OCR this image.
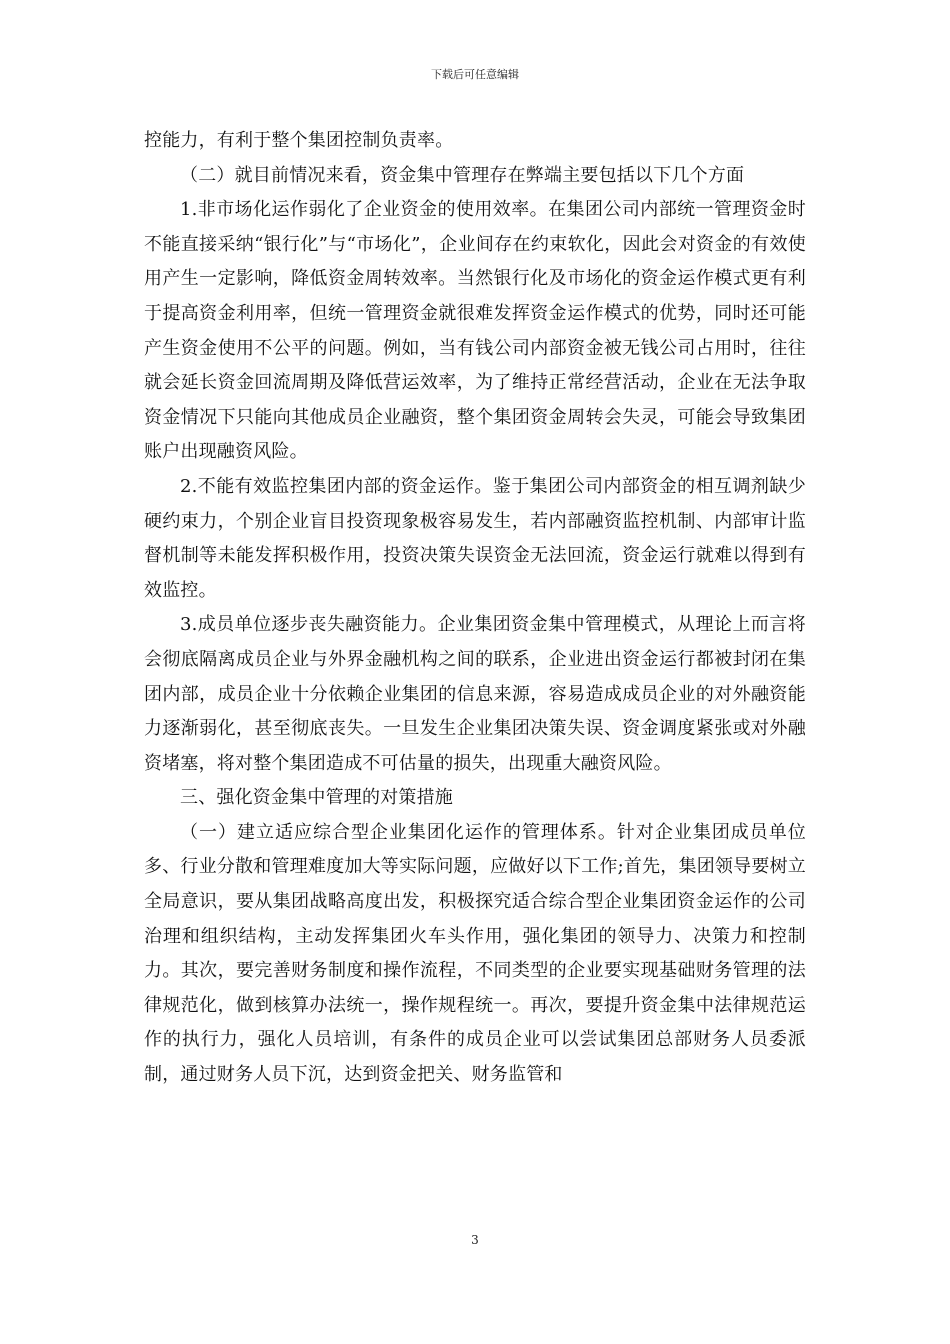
下载后可任意编辑

控能力，有利于整个集团控制负责率。

（二）就目前情况来看，资金集中管理存在弊端主要包括以下几个方面

1.非市场化运作弱化了企业资金的使用效率。在集团公司内部统一管理资金时不能直接采纳“银行化”与“市场化”，企业间存在约束软化，因此会对资金的有效使用产生一定影响，降低资金周转效率。当然银行化及市场化的资金运作模式更有利于提高资金利用率，但统一管理资金就很难发挥资金运作模式的优势，同时还可能产生资金使用不公平的问题。例如，当有钱公司内部资金被无钱公司占用时，往往就会延长资金回流周期及降低营运效率，为了维持正常经营活动，企业在无法争取资金情况下只能向其他成员企业融资，整个集团资金周转会失灵，可能会导致集团账户出现融资风险。

2.不能有效监控集团内部的资金运作。鉴于集团公司内部资金的相互调剂缺少硬约束力，个别企业盲目投资现象极容易发生，若内部融资监控机制、内部审计监督机制等未能发挥积极作用，投资决策失误资金无法回流，资金运行就难以得到有效监控。

3.成员单位逐步丧失融资能力。企业集团资金集中管理模式，从理论上而言将会彻底隔离成员企业与外界金融机构之间的联系，企业进出资金运行都被封闭在集团内部，成员企业十分依赖企业集团的信息来源，容易造成成员企业的对外融资能力逐渐弱化，甚至彻底丧失。一旦发生企业集团决策失误、资金调度紧张或对外融资堵塞，将对整个集团造成不可估量的损失，出现重大融资风险。

三、强化资金集中管理的对策措施

（一）建立适应综合型企业集团化运作的管理体系。针对企业集团成员单位多、行业分散和管理难度加大等实际问题，应做好以下工作;首先，集团领导要树立全局意识，要从集团战略高度出发，积极探究适合综合型企业集团资金运作的公司治理和组织结构，主动发挥集团火车头作用，强化集团的领导力、决策力和控制力。其次，要完善财务制度和操作流程，不同类型的企业要实现基础财务管理的法律规范化，做到核算办法统一，操作规程统一。再次，要提升资金集中法律规范运作的执行力，强化人员培训，有条件的成员企业可以尝试集团总部财务人员委派制，通过财务人员下沉，达到资金把关、财务监管和

3
